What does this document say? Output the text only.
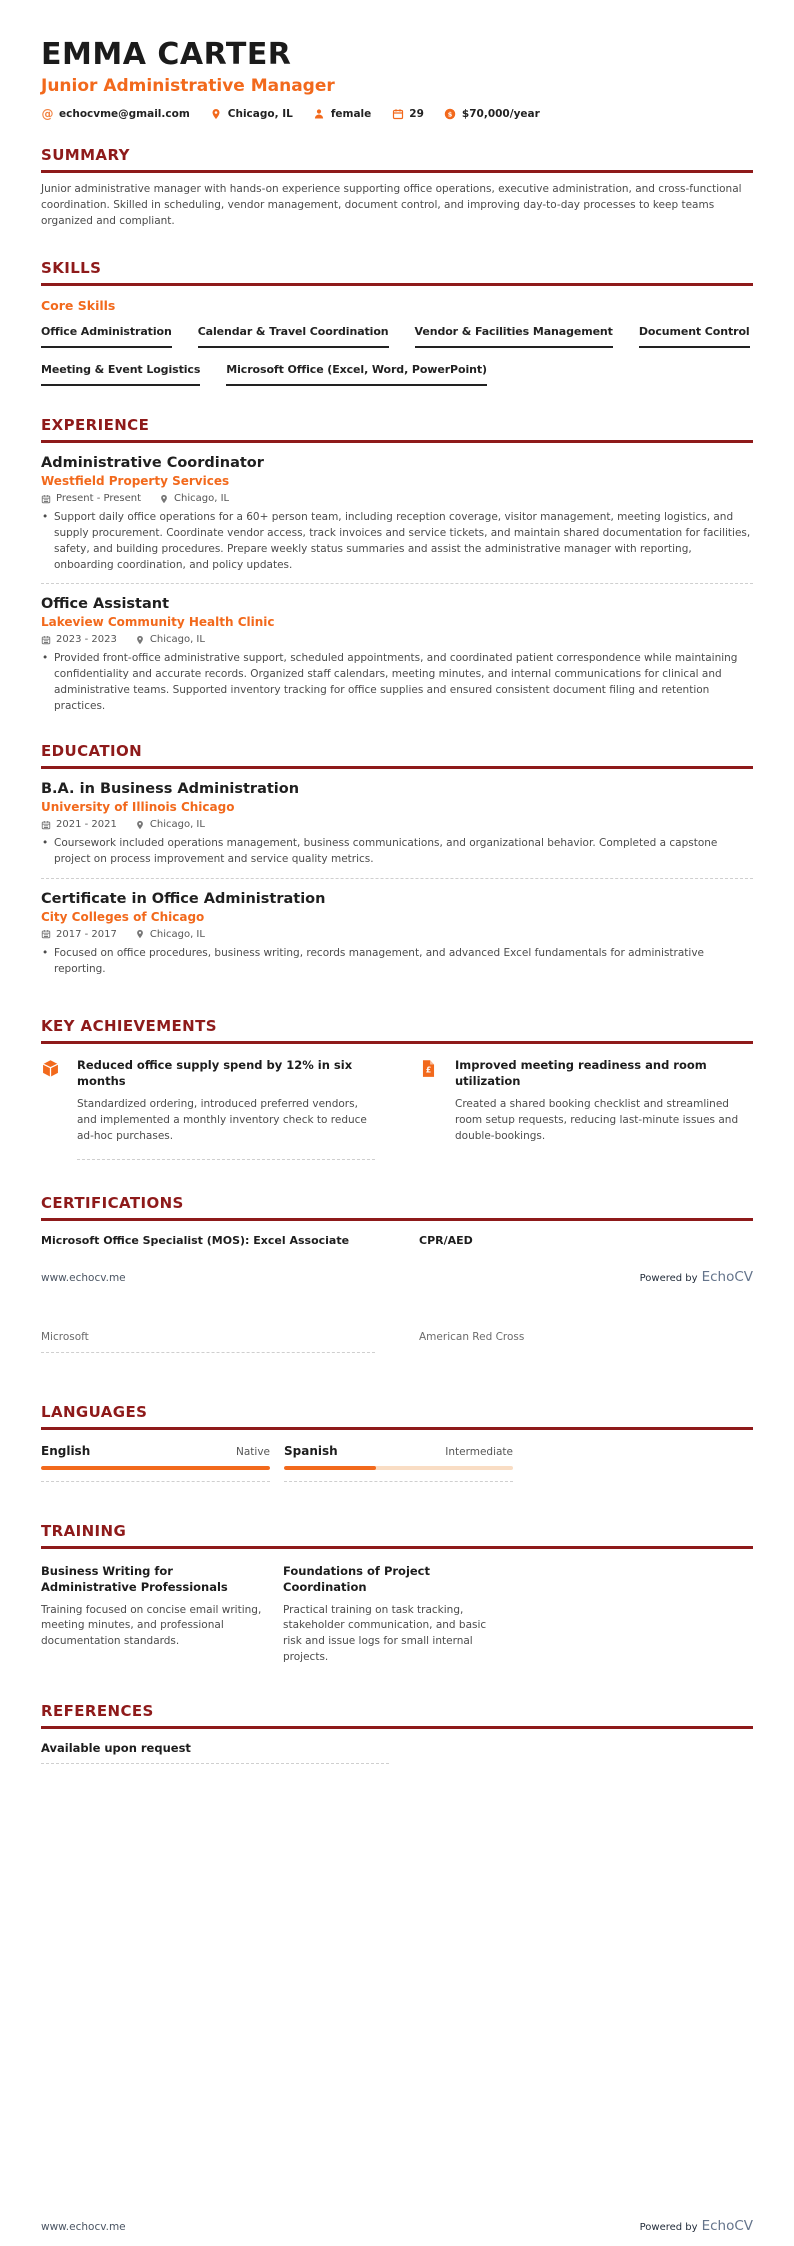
EMMA CARTER
Junior Administrative Manager
@ echocvme@gmail.com	Chicago, IL	female	29 $ $70,000/year
SUMMARY

Junior administrative manager with hands-on experience supporting office operations, executive administration, and cross-functional coordination. Skilled in scheduling, vendor management, document control, and improving day-to-day processes to keep teams organized and compliant.

SKILLS
Core Skills
Office Administration Calendar & Travel Coordination Vendor & Facilities Management Document Control
Meeting & Event Logistics Microsoft Office (Excel, Word, PowerPoint)
EXPERIENCE
Administrative Coordinator
Westfield Property Services
Present - Present	Chicago, IL

• Support daily office operations for a 60+ person team, including reception coverage, visitor management, meeting logistics, and supply procurement. Coordinate vendor access, track invoices and service tickets, and maintain shared documentation for facilities, safety, and building procedures. Prepare weekly status summaries and assist the administrative manager with reporting, onboarding coordination, and policy updates.

Office Assistant
Lakeview Community Health Clinic
2023 - 2023	Chicago, IL

• Provided front-office administrative support, scheduled appointments, and coordinated patient correspondence while maintaining confidentiality and accurate records. Organized staff calendars, meeting minutes, and internal communications for clinical and administrative teams. Supported inventory tracking for office supplies and ensured consistent document filing and retention practices.

EDUCATION
B.A. in Business Administration
University of Illinois Chicago
2021 - 2021	Chicago, IL

• Coursework included operations management, business communications, and organizational behavior. Completed a capstone project on process improvement and service quality metrics.

Certificate in Office Administration
City Colleges of Chicago
2017 - 2017	Chicago, IL

• Focused on office procedures, business writing, records management, and advanced Excel fundamentals for administrative reporting.

KEY ACHIEVEMENTS
Reduced office supply spend by 12% in six months
Standardized ordering, introduced preferred vendors, and implemented a monthly inventory check to reduce ad-hoc purchases.
£ Improved meeting readiness and room utilization
Created a shared booking checklist and streamlined room setup requests, reducing last-minute issues and double-bookings.
CERTIFICATIONS
Microsoft Office Specialist (MOS): Excel Associate	CPR/AED
www.echocv.me	Powered by EchoCV
Microsoft	American Red Cross
LANGUAGES
English	Native Spanish	Intermediate
TRAINING
Business Writing for Administrative Professionals
Training focused on concise email writing, meeting minutes, and professional documentation standards.
Foundations of Project Coordination
Practical training on task tracking, stakeholder communication, and basic risk and issue logs for small internal projects.
REFERENCES
Available upon request
www.echocv.me	Powered by EchoCV
